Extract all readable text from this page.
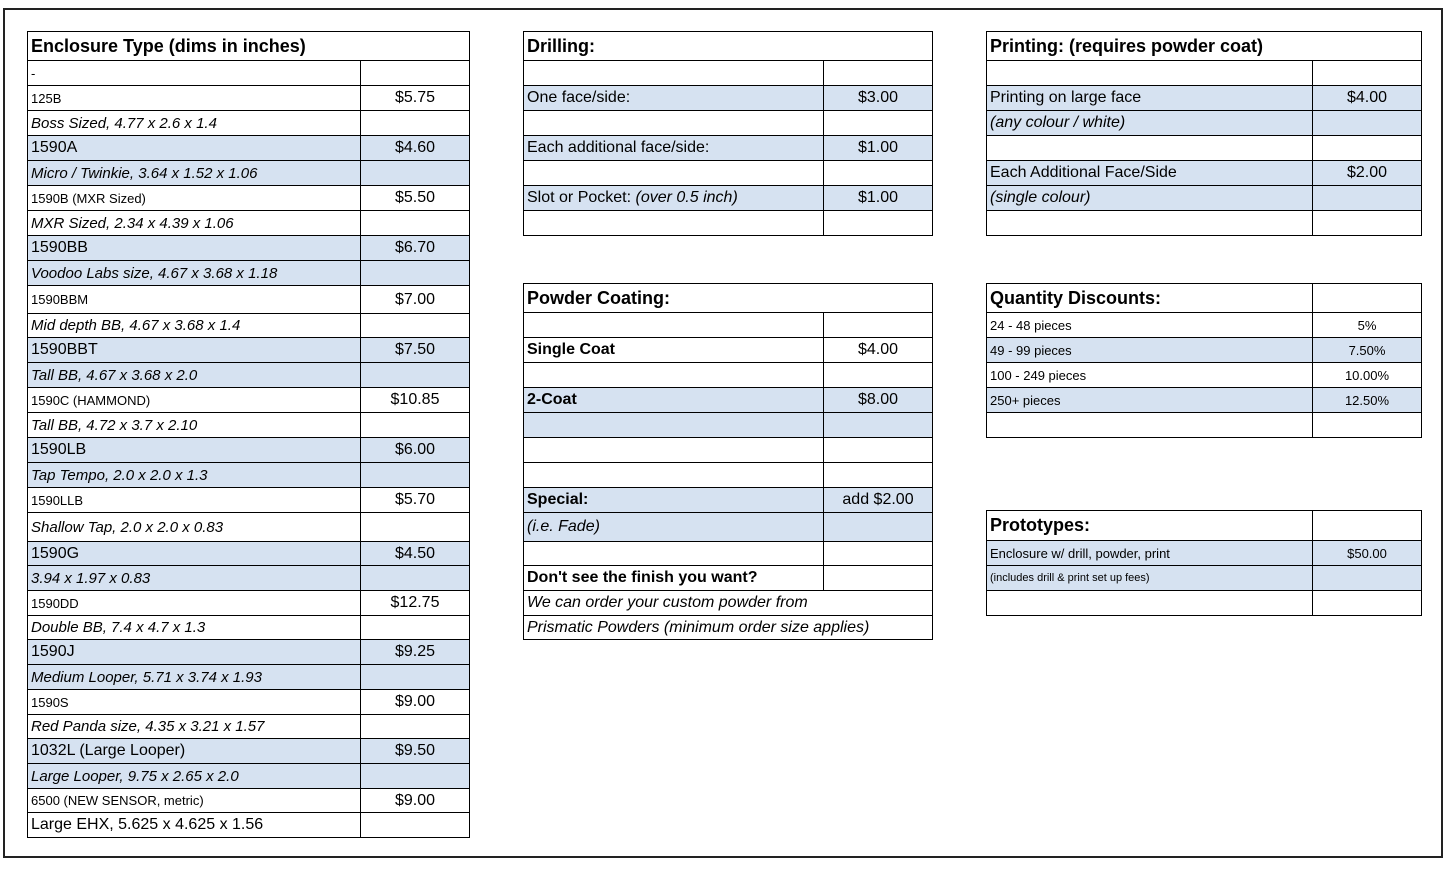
Enclosure Type (dims in inches)	
-	
125B	$5.75
Boss Sized, 4.77 x 2.6 x 1.4	
1590A	$4.60
Micro / Twinkie, 3.64 x 1.52 x 1.06	
1590B (MXR Sized)	$5.50
MXR Sized, 2.34 x 4.39 x 1.06	
1590BB	$6.70
Voodoo Labs size, 4.67 x 3.68 x 1.18	
1590BBM	$7.00
Mid depth BB, 4.67 x 3.68 x 1.4	
1590BBT	$7.50
Tall BB, 4.67 x 3.68 x 2.0	
1590C (HAMMOND)	$10.85
Tall BB, 4.72 x 3.7 x 2.10	
1590LB	$6.00
Tap Tempo, 2.0 x 2.0 x 1.3	
1590LLB	$5.70
Shallow Tap, 2.0 x 2.0 x 0.83	
1590G	$4.50
3.94 x 1.97 x 0.83	
1590DD	$12.75
Double BB, 7.4 x 4.7 x 1.3	
1590J	$9.25
Medium Looper, 5.71 x 3.74 x 1.93	
1590S	$9.00
Red Panda size, 4.35 x 3.21 x 1.57	
1032L (Large Looper)	$9.50
Large Looper, 9.75 x 2.65 x 2.0	
6500 (NEW SENSOR, metric)	$9.00
Large EHX, 5.625 x 4.625 x 1.56	
Drilling:	

One face/side:	$3.00

Each additional face/side:	$1.00

Slot or Pocket: (over 0.5 inch)	$1.00

Powder Coating:	

Single Coat	$4.00

2-Coat	$8.00

Special:	add $2.00
(i.e. Fade)	

Don't see the finish you want?	
We can order your custom powder from	
Prismatic Powders (minimum order size applies)	
Printing: (requires powder coat)	

Printing on large face	$4.00
(any colour / white)	

Each Additional Face/Side	$2.00
(single colour)	

Quantity Discounts:	
24 - 48 pieces	5%
49 - 99 pieces	7.50%
100 - 249 pieces	10.00%
250+ pieces	12.50%

Prototypes:	
Enclosure w/ drill, powder, print	$50.00
(includes drill & print set up fees)	
